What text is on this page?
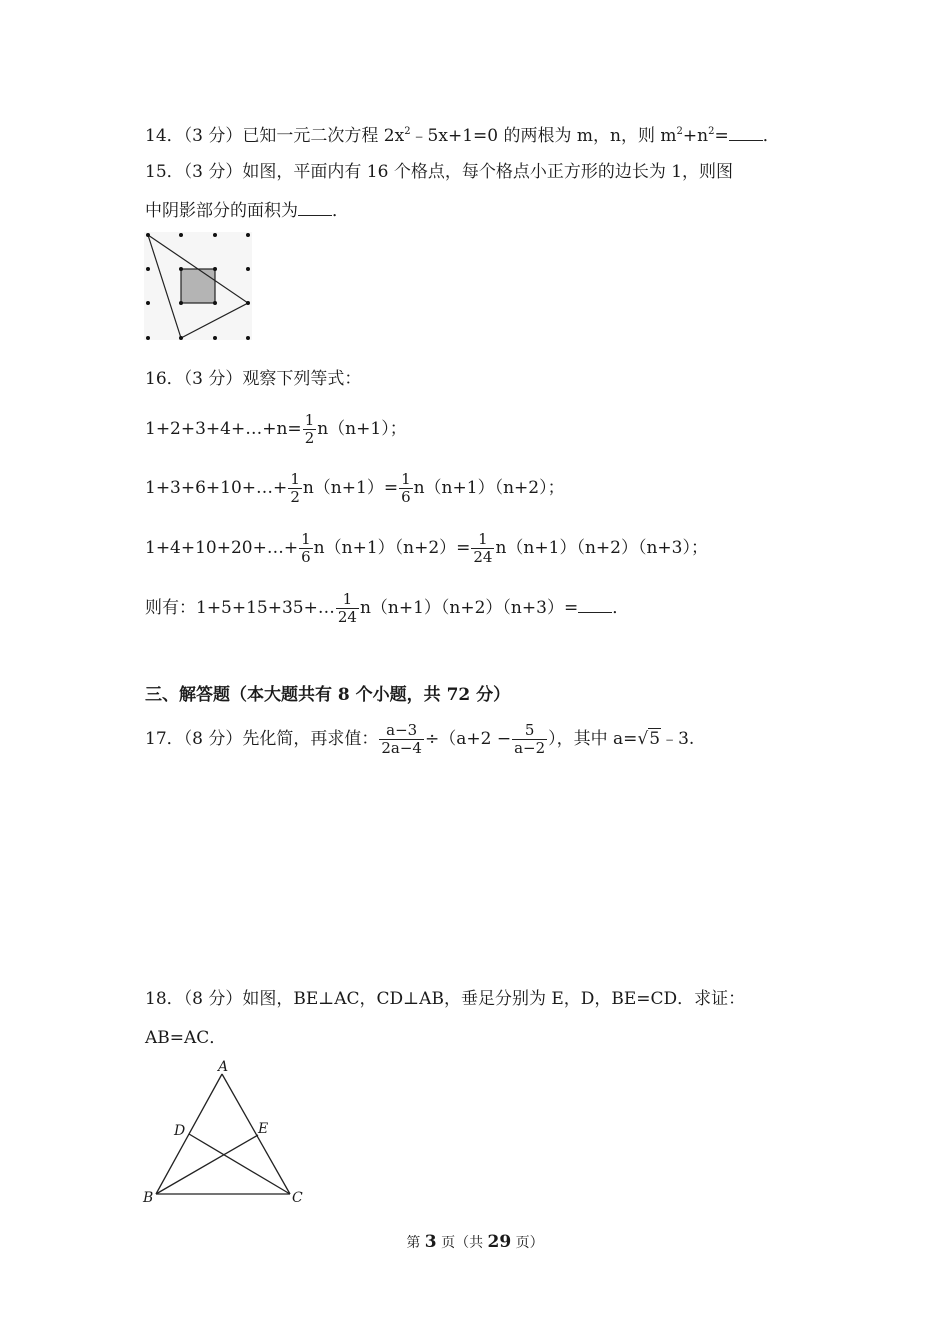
14．（3 分）已知一元二次方程 $2x^2﹣5x+1=0$ 的两根为 m，n，则 $m^2+n^2=$ ．
15．（3 分）如图，平面内有 16 个格点，每个格点小正方形的边长为 1，则图
中阴影部分的面积为 ．
16．（3 分）观察下列等式：
1+2+3+4+…+n= $\frac{1}{2} n(n+1)$；
1+3+6+10+…+ $\frac{1}{2} n(n+1)= \frac{1}{6} n(n+1)(n+2)$；
1+4+10+20+…+ $\frac{1}{6} n(n+1)(n+2)= \frac{1}{24} n(n+1)(n+2)(n+3)$；
则有：1+5+15+35+… $\frac{1}{24} n(n+1)(n+2)(n+3)=$ ．
三、解答题（本大题共有 8 个小题，共 72 分）
17．（8 分）先化简，再求值： $\frac{a-3}{2a-4} \div(a+2 - \frac{5}{a-2}$ ），其中 a=√5﹣3.
18．（8 分）如图，BE⊥AC，CD⊥AB，垂足分别为 E，D，BE=CD．求证：
AB=AC．
A
B	C
D	E
第 3 页（共 29 页）
